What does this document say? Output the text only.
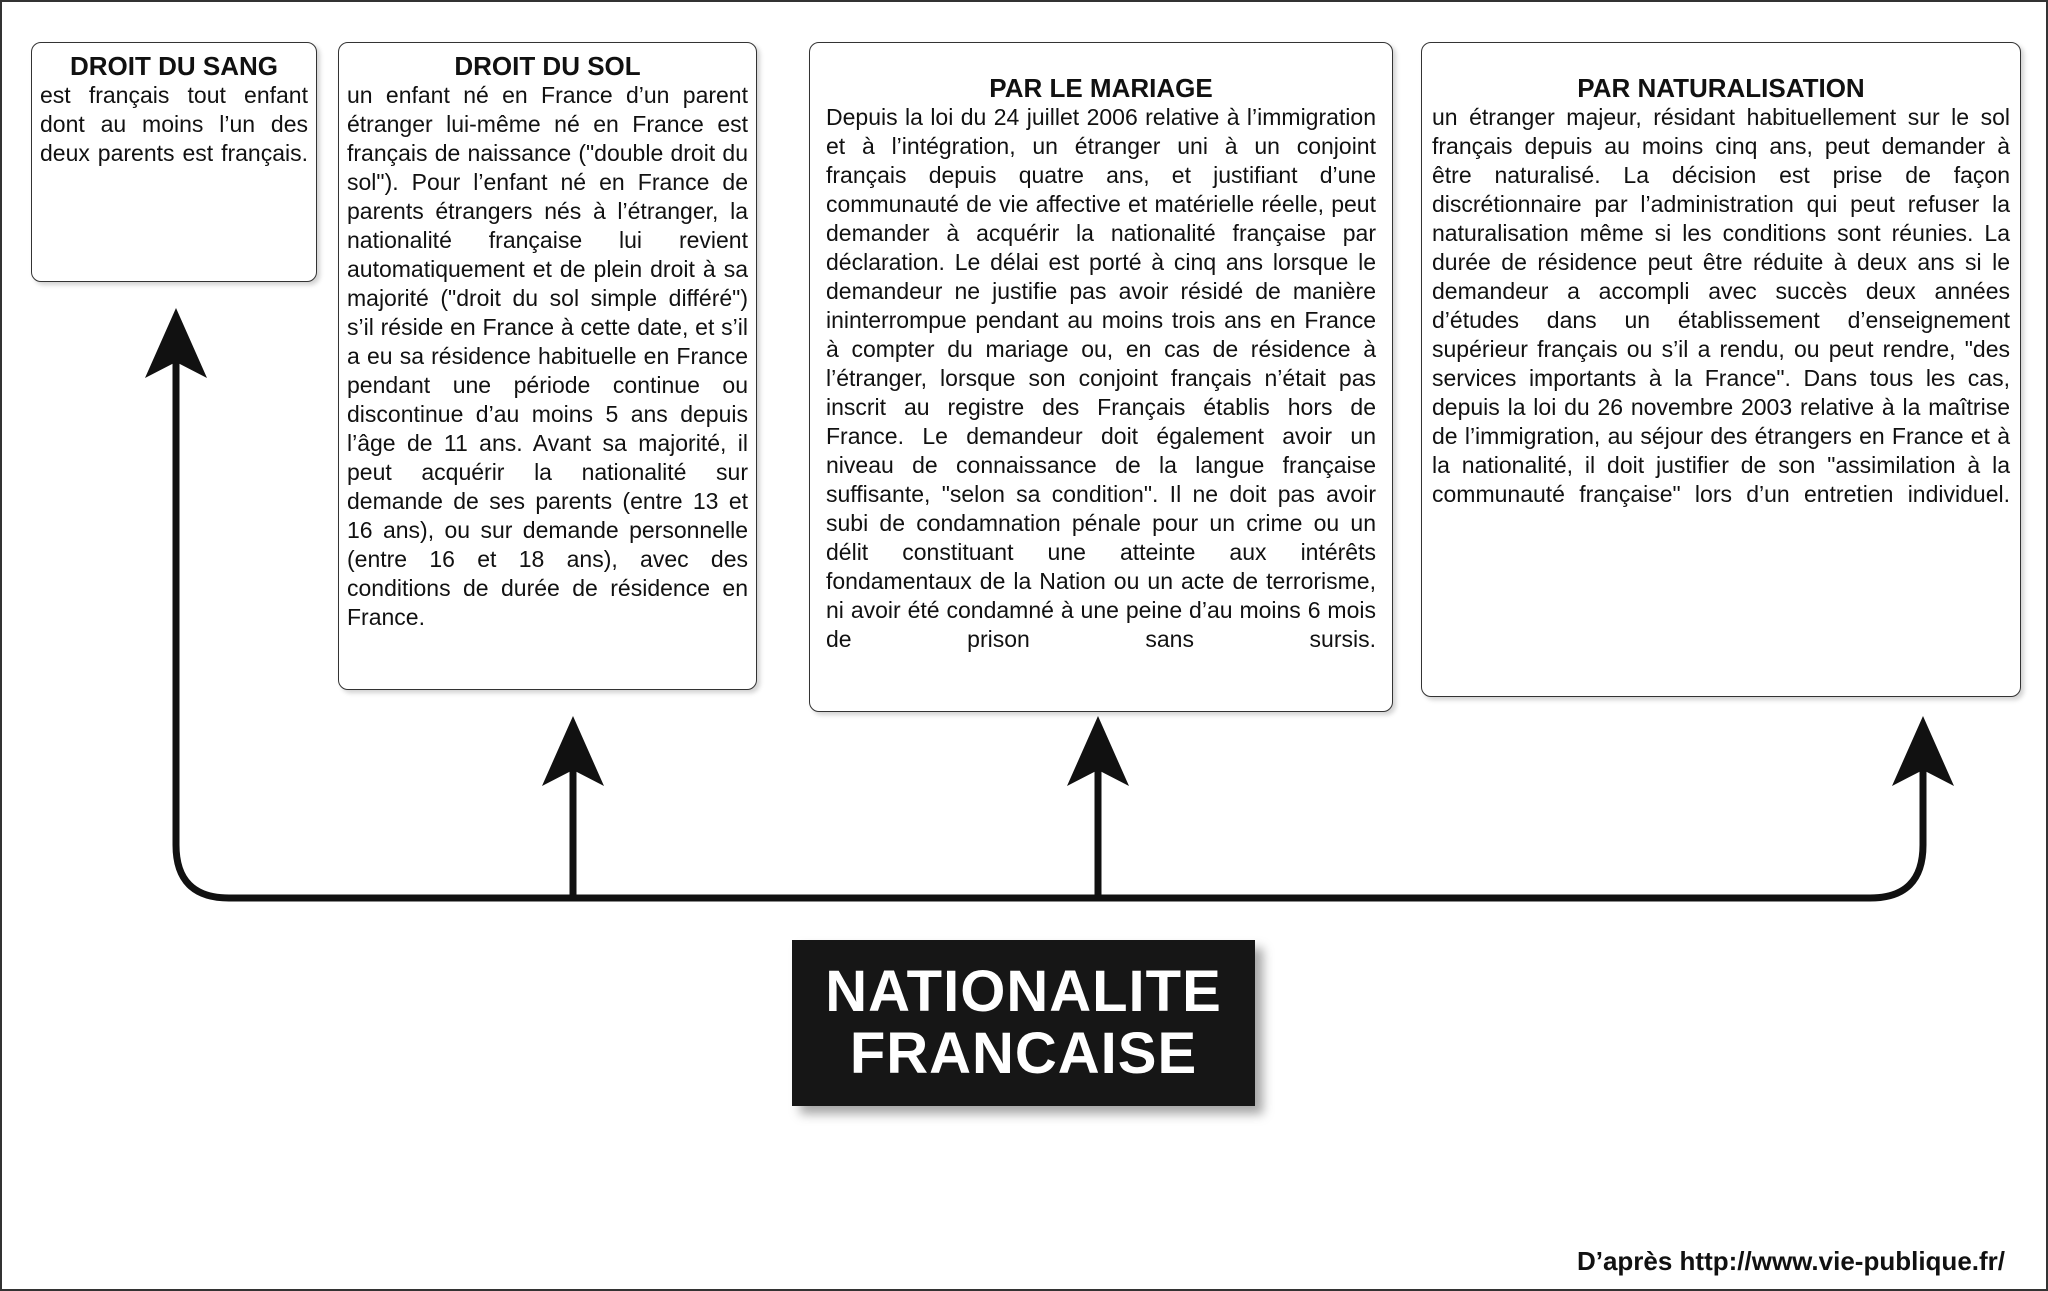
DROIT DU SANG

est français tout enfant dont au moins l’un des deux parents est français.

DROIT DU SOL

un enfant né en France d’un parent étranger lui-même né en France est français de naissance ("double droit du sol"). Pour l’enfant né en France de parents étrangers nés à l’étranger, la nationalité française lui revient automatiquement et de plein droit à sa majorité ("droit du sol simple différé") s’il réside en France à cette date, et s’il a eu sa résidence habituelle en France pendant une période continue ou discontinue d’au moins 5 ans depuis l’âge de 11 ans. Avant sa majorité, il peut acquérir la nationalité sur demande de ses parents (entre 13 et 16 ans), ou sur demande personnelle (entre 16 et 18 ans), avec des conditions de durée de résidence en France.

PAR LE MARIAGE

Depuis la loi du 24 juillet 2006 relative à l’immigration et à l’intégration, un étranger uni à un conjoint français depuis quatre ans, et justifiant d’une communauté de vie affective et matérielle réelle, peut demander à acquérir la nationalité française par déclaration. Le délai est porté à cinq ans lorsque le demandeur ne justifie pas avoir résidé de manière ininterrompue pendant au moins trois ans en France à compter du mariage ou, en cas de résidence à l’étranger, lorsque son conjoint français n’était pas inscrit au registre des Français établis hors de France. Le demandeur doit également avoir un niveau de connaissance de la langue française suffisante, "selon sa condition". Il ne doit pas avoir subi de condamnation pénale pour un crime ou un délit constituant une atteinte aux intérêts fondamentaux de la Nation ou un acte de terrorisme, ni avoir été condamné à une peine d’au moins 6 mois de prison sans sursis.

PAR NATURALISATION

un étranger majeur, résidant habituellement sur le sol français depuis au moins cinq ans, peut demander à être naturalisé. La décision est prise de façon discrétionnaire par l’administration qui peut refuser la naturalisation même si les conditions sont réunies. La durée de résidence peut être réduite à deux ans si le demandeur a accompli avec succès deux années d’études dans un établissement d’enseignement supérieur français ou s’il a rendu, ou peut rendre, "des services importants à la France". Dans tous les cas, depuis la loi du 26 novembre 2003 relative à la maîtrise de l’immigration, au séjour des étrangers en France et à la nationalité, il doit justifier de son "assimilation à la communauté française" lors d’un entretien individuel.

NATIONALITE
FRANCAISE
D’après http://www.vie-publique.fr/
